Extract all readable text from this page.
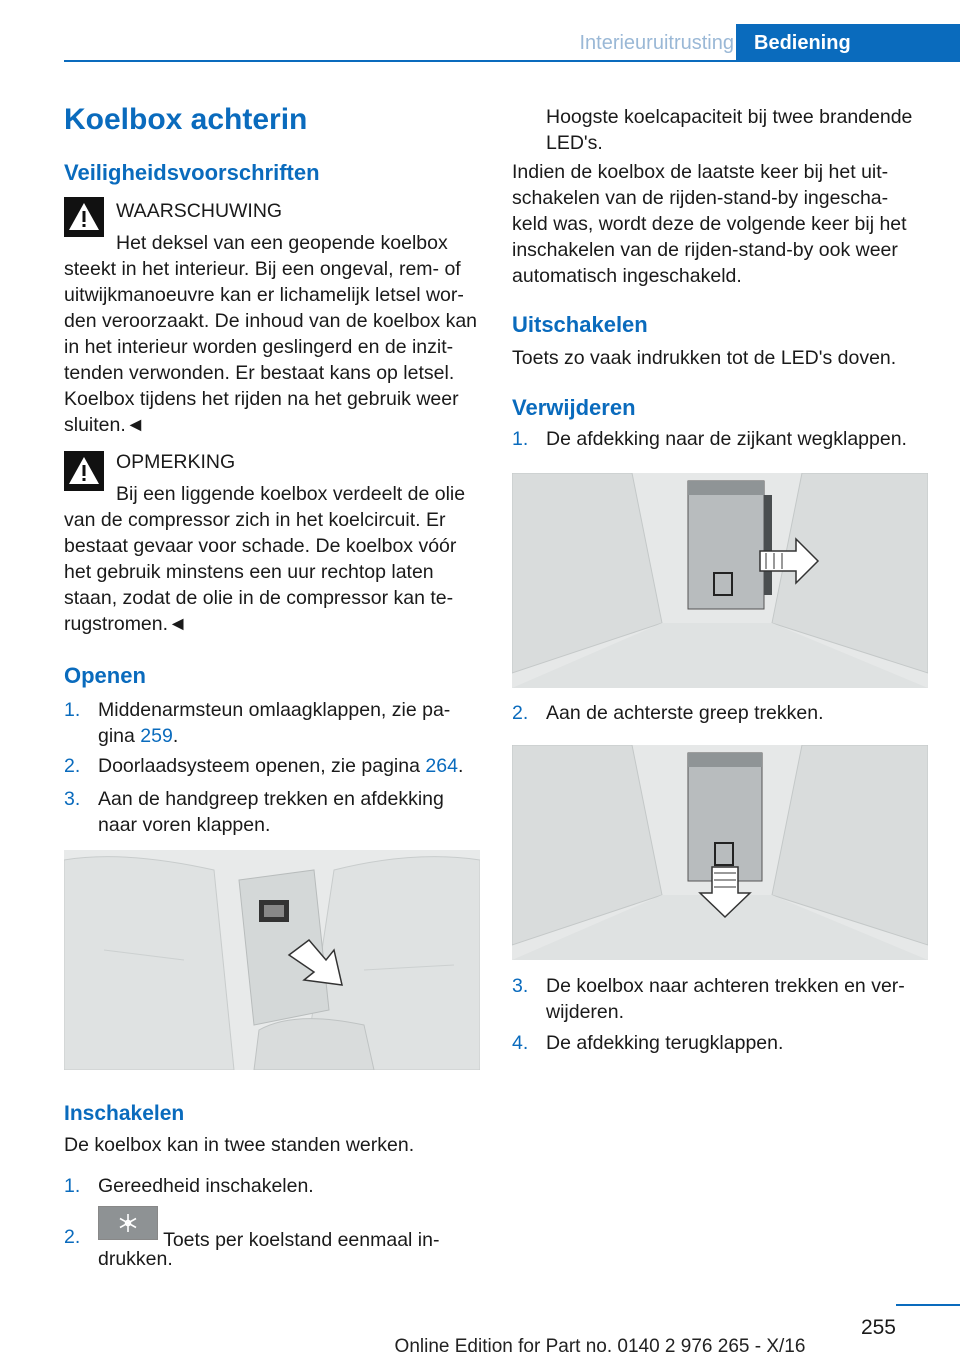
Interieuruitrusting	Bediening
Koelbox achterin
Veiligheidsvoorschriften
WAARSCHUWING
Het deksel van een geopende koelbox
steekt in het interieur. Bij een ongeval, rem- of
uitwijkmanoeuvre kan er lichamelijk letsel wor-
den veroorzaakt. De inhoud van de koelbox kan
in het interieur worden geslingerd en de inzit-
tenden verwonden. Er bestaat kans op letsel.
Koelbox tijdens het rijden na het gebruik weer
sluiten.◄
OPMERKING
Bij een liggende koelbox verdeelt de olie
van de compressor zich in het koelcircuit. Er
bestaat gevaar voor schade. De koelbox vóór
het gebruik minstens een uur rechtop laten
staan, zodat de olie in de compressor kan te-
rugstromen.◄
Openen
1. Middenarmsteun omlaagklappen, zie pa-
gina 259.
2. Doorlaadsysteem openen, zie pagina 264.
3. Aan de handgreep trekken en afdekking
naar voren klappen.
Inschakelen
De koelbox kan in twee standen werken.
1. Gereedheid inschakelen.
2.	Toets per koelstand eenmaal in-
drukken.
Hoogste koelcapaciteit bij twee brandende
LED's.
Indien de koelbox de laatste keer bij het uit-
schakelen van de rijden-stand-by ingescha-
keld was, wordt deze de volgende keer bij het
inschakelen van de rijden-stand-by ook weer
automatisch ingeschakeld.
Uitschakelen
Toets zo vaak indrukken tot de LED's doven.
Verwijderen
1. De afdekking naar de zijkant wegklappen.
2. Aan de achterste greep trekken.
3. De koelbox naar achteren trekken en ver-
wijderen.
4. De afdekking terugklappen.
255
Online Edition for Part no. 0140 2 976 265 - X/16
